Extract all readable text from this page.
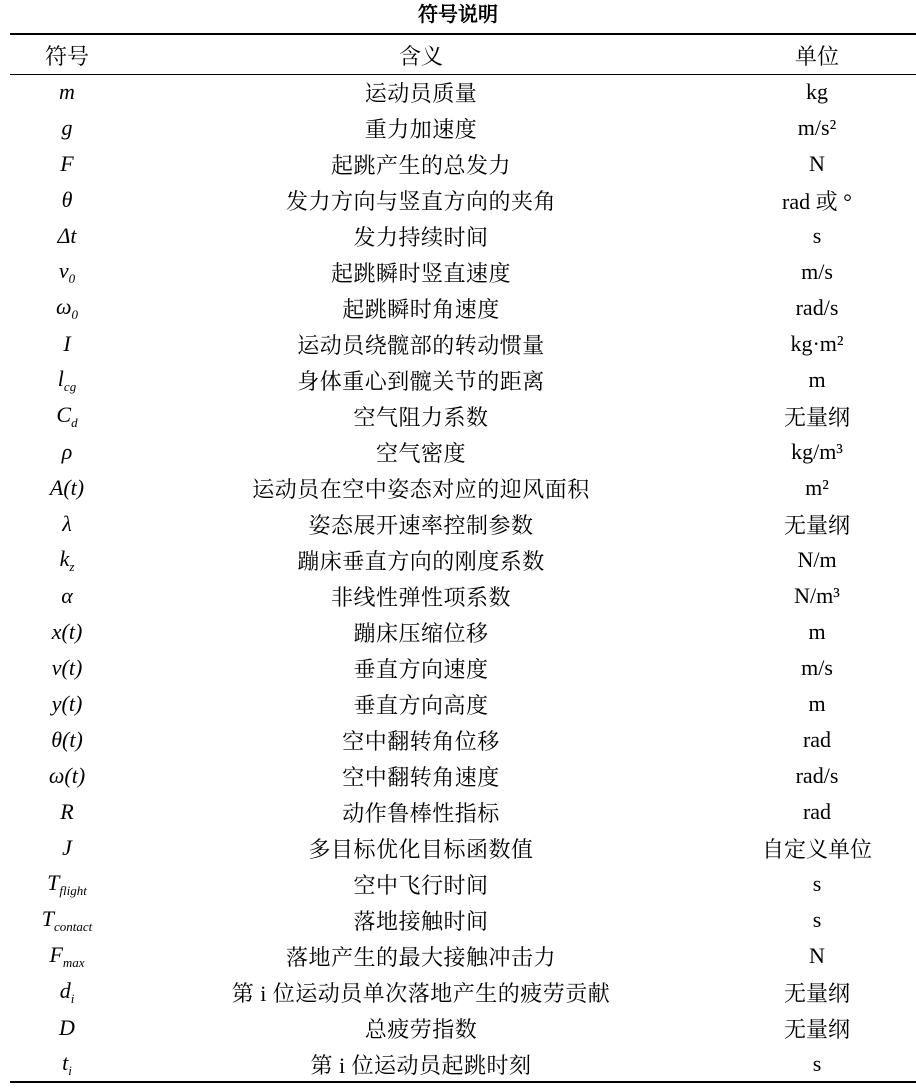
符号说明
符号	含义	单位
m	运动员质量	kg
g	重力加速度	m/s²
F	起跳产生的总发力	N
θ	发力方向与竖直方向的夹角	rad 或 °
Δt	发力持续时间	s
$v_0$	起跳瞬时竖直速度	m/s
$\omega_0$	起跳瞬时角速度	rad/s
I	运动员绕髋部的转动惯量	kg·m²
$l_{cg}$	身体重心到髋关节的距离	m
$C_d$	空气阻力系数	无量纲
ρ	空气密度	kg/m³
A(t)	运动员在空中姿态对应的迎风面积	m²
λ	姿态展开速率控制参数	无量纲
$k_z$	蹦床垂直方向的刚度系数	N/m
α	非线性弹性项系数	N/m³
x(t)	蹦床压缩位移	m
v(t)	垂直方向速度	m/s
y(t)	垂直方向高度	m
θ(t)	空中翻转角位移	rad
ω(t)	空中翻转角速度	rad/s
R	动作鲁棒性指标	rad
J	多目标优化目标函数值	自定义单位
$T_{flight}$	空中飞行时间	s
$T_{contact}$	落地接触时间	s
$F_{max}$	落地产生的最大接触冲击力	N
$d_i$	第 i 位运动员单次落地产生的疲劳贡献	无量纲
D	总疲劳指数	无量纲
$t_i$	第 i 位运动员起跳时刻	s
